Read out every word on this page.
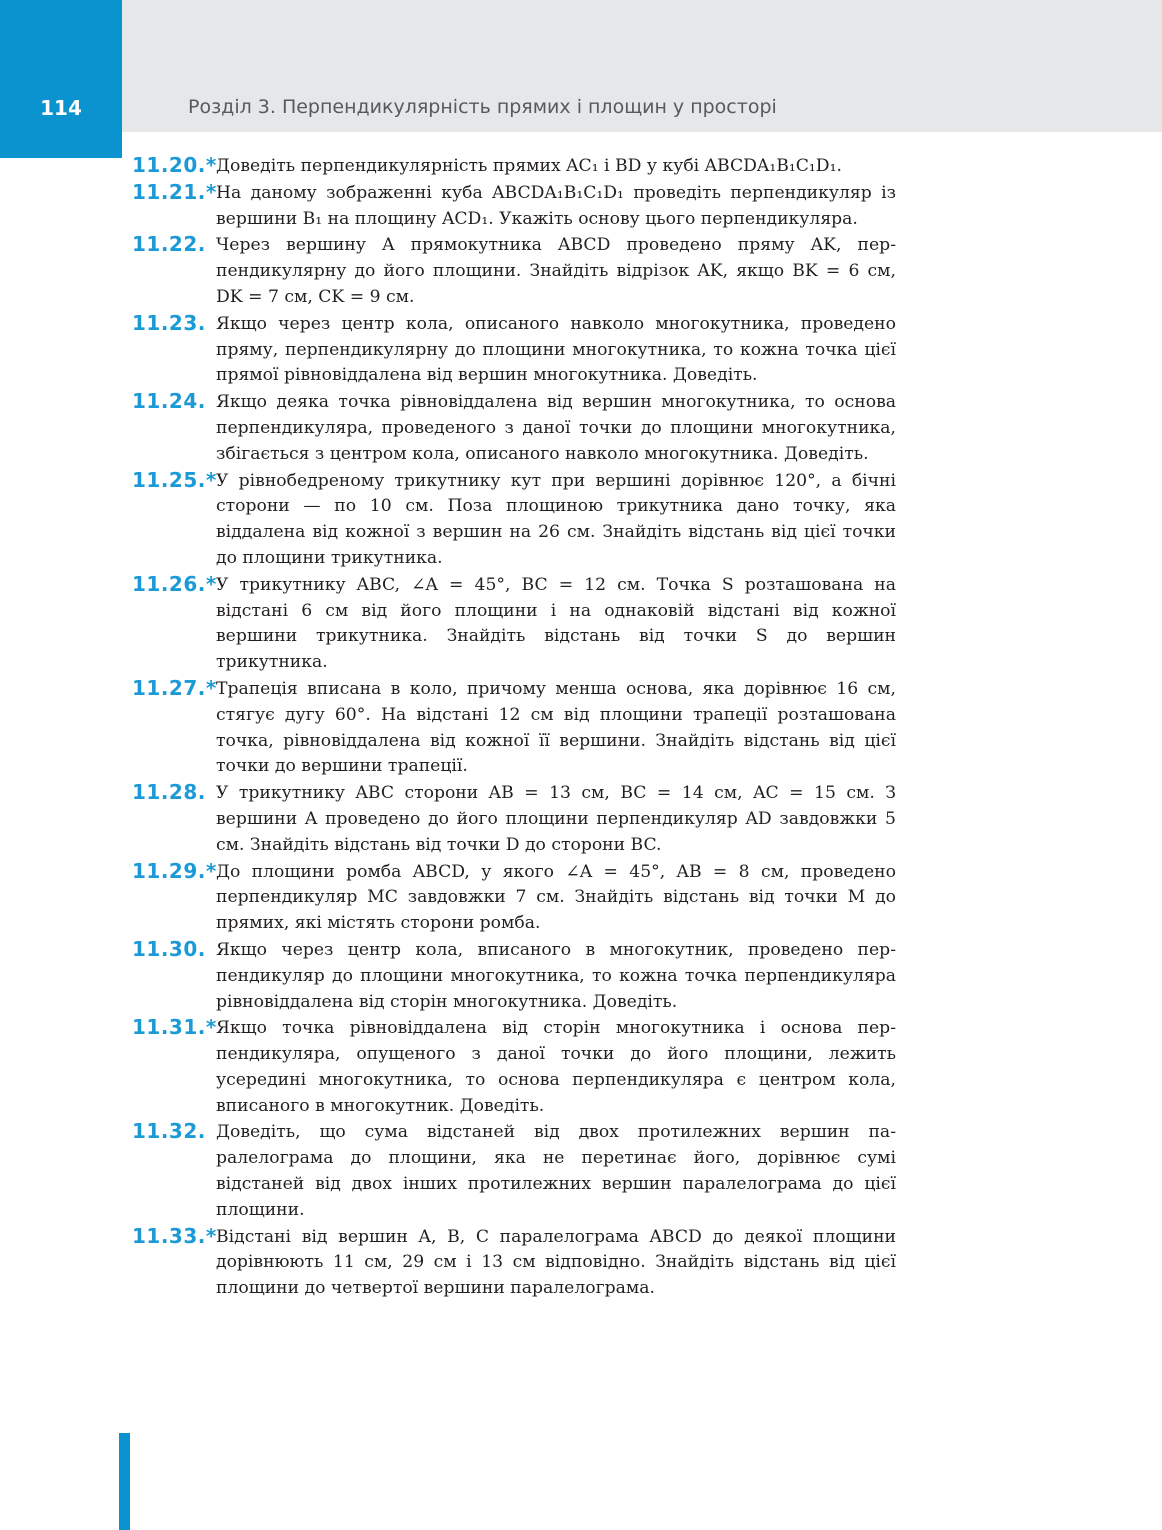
114	Розділ 3. Перпендикулярність прямих і площин у просторі
11.20.* Доведіть перпендикулярність прямих AC₁ і BD у кубі ABCDA₁B₁C₁D₁.
11.21.* На даному зображенні куба ABCDA₁B₁C₁D₁ проведіть перпендикуляр із вершини B₁ на площину ACD₁. Укажіть основу цього перпендикуляра.
11.22. Через вершину A прямокутника ABCD проведено пряму AK, перпендикулярну до його площини. Знайдіть відрізок AK, якщо BK = 6 см, DK = 7 см, CK = 9 см.
11.23. Якщо через центр кола, описаного навколо многокутника, проведено пряму, перпендикулярну до площини многокутника, то кожна точка цієї прямої рівновіддалена від вершин многокутника. Доведіть.
11.24. Якщо деяка точка рівновіддалена від вершин многокутника, то основа перпендикуляра, проведеного з даної точки до площини многокутника, збігається з центром кола, описаного навколо многокутника. Доведіть.
11.25.* У рівнобедреному трикутнику кут при вершині дорівнює 120°, а бічні сторони — по 10 см. Поза площиною трикутника дано точку, яка віддалена від кожної з вершин на 26 см. Знайдіть відстань від цієї точки до площини трикутника.
11.26.* У трикутнику ABC, ∠A = 45°, BC = 12 см. Точка S розташована на відстані 6 см від його площини і на однаковій відстані від кожної вершини трикутника. Знайдіть відстань від точки S до вершин трикутника.
11.27.* Трапеція вписана в коло, причому менша основа, яка дорівнює 16 см, стягує дугу 60°. На відстані 12 см від площини трапеції розташована точка, рівновіддалена від кожної її вершини. Знайдіть відстань від цієї точки до вершини трапеції.
11.28. У трикутнику ABC сторони AB = 13 см, BC = 14 см, AC = 15 см. З вершини A проведено до його площини перпендикуляр AD завдовжки 5 см. Знайдіть відстань від точки D до сторони BC.
11.29.* До площини ромба ABCD, у якого ∠A = 45°, AB = 8 см, проведено перпендикуляр MC завдовжки 7 см. Знайдіть відстань від точки M до прямих, які містять сторони ромба.
11.30. Якщо через центр кола, вписаного в многокутник, проведено перпендикуляр до площини многокутника, то кожна точка перпендикуляра рівновіддалена від сторін многокутника. Доведіть.
11.31.* Якщо точка рівновіддалена від сторін многокутника і основа перпендикуляра, опущеного з даної точки до його площини, лежить усередині многокутника, то основа перпендикуляра є центром кола, вписаного в многокутник. Доведіть.
11.32. Доведіть, що сума відстаней від двох протилежних вершин паралелограма до площини, яка не перетинає його, дорівнює сумі відстаней від двох інших протилежних вершин паралелограма до цієї площини.
11.33.* Відстані від вершин A, B, C паралелограма ABCD до деякої площини дорівнюють 11 см, 29 см і 13 см відповідно. Знайдіть відстань від цієї площини до четвертої вершини паралелограма.
